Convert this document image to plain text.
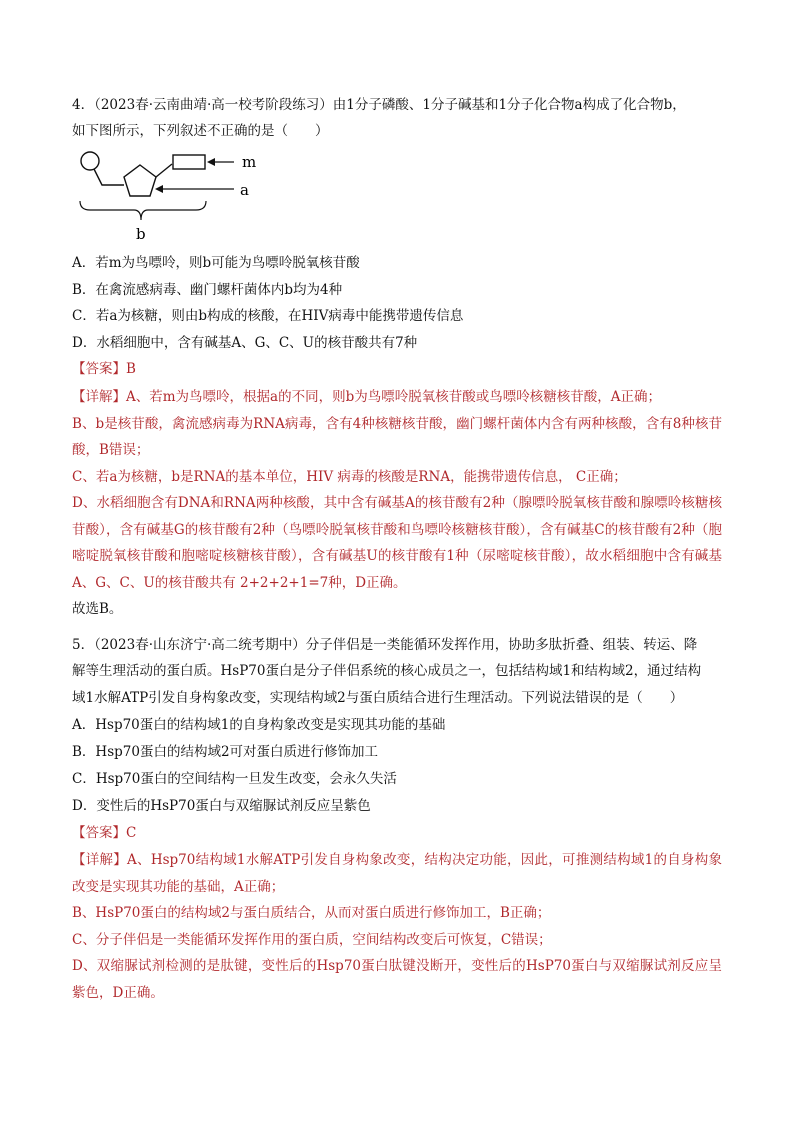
4．（2023春·云南曲靖·高一校考阶段练习）由1分子磷酸、1分子碱基和1分子化合物a构成了化合物b，
如下图所示，下列叙述不正确的是（　　）
m
a
b
A．若m为鸟嘌呤，则b可能为鸟嘌呤脱氧核苷酸
B．在禽流感病毒、幽门螺杆菌体内b均为4种
C．若a为核糖，则由b构成的核酸，在HIV病毒中能携带遗传信息
D．水稻细胞中，含有碱基A、G、C、U的核苷酸共有7种
【答案】B

【详解】A、若m为鸟嘌呤，根据a的不同，则b为鸟嘌呤脱氧核苷酸或鸟嘌呤核糖核苷酸，A正确；

B、b是核苷酸，禽流感病毒为RNA病毒，含有4种核糖核苷酸，幽门螺杆菌体内含有两种核酸，含有8种核苷酸，B错误；

C、若a为核糖，b是RNA的基本单位，HIV 病毒的核酸是RNA，能携带遗传信息， C正确；

D、水稻细胞含有DNA和RNA两种核酸，其中含有碱基A的核苷酸有2种（腺嘌呤脱氧核苷酸和腺嘌呤核糖核苷酸），含有碱基G的核苷酸有2种（鸟嘌呤脱氧核苷酸和鸟嘌呤核糖核苷酸），含有碱基C的核苷酸有2种（胞嘧啶脱氧核苷酸和胞嘧啶核糖核苷酸），含有碱基U的核苷酸有1种（尿嘧啶核苷酸），故水稻细胞中含有碱基A、G、C、U的核苷酸共有 2+2+2+1=7种，D正确。

故选B。

5．（2023春·山东济宁·高二统考期中）分子伴侣是一类能循环发挥作用，协助多肽折叠、组装、转运、降
解等生理活动的蛋白质。HsP70蛋白是分子伴侣系统的核心成员之一，包括结构域1和结构域2，通过结构
域1水解ATP引发自身构象改变，实现结构域2与蛋白质结合进行生理活动。下列说法错误的是（　　）
A．Hsp70蛋白的结构域1的自身构象改变是实现其功能的基础
B．Hsp70蛋白的结构域2可对蛋白质进行修饰加工
C．Hsp70蛋白的空间结构一旦发生改变，会永久失活
D．变性后的HsP70蛋白与双缩脲试剂反应呈紫色
【答案】C

【详解】A、Hsp70结构域1水解ATP引发自身构象改变，结构决定功能，因此，可推测结构域1的自身构象改变是实现其功能的基础，A正确；

B、HsP70蛋白的结构域2与蛋白质结合，从而对蛋白质进行修饰加工，B正确；

C、分子伴侣是一类能循环发挥作用的蛋白质，空间结构改变后可恢复，C错误；

D、双缩脲试剂检测的是肽键，变性后的Hsp70蛋白肽键没断开，变性后的HsP70蛋白与双缩脲试剂反应呈紫色，D正确。
